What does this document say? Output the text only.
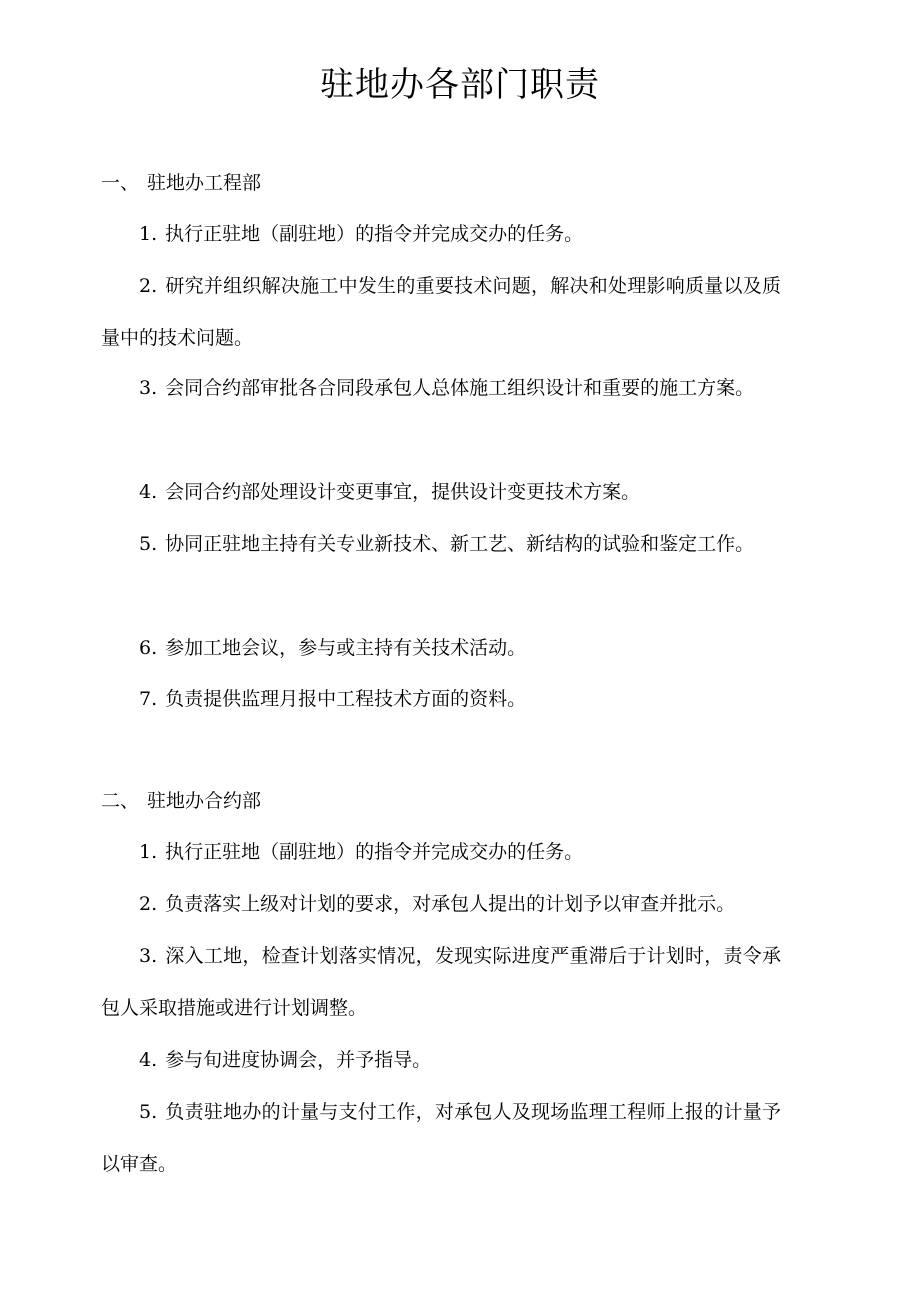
驻地办各部门职责
一、 驻地办工程部
1. 执行正驻地（副驻地）的指令并完成交办的任务。
2. 研究并组织解决施工中发生的重要技术问题，解决和处理影响质量以及质量中的技术问题。
3. 会同合约部审批各合同段承包人总体施工组织设计和重要的施工方案。
4. 会同合约部处理设计变更事宜，提供设计变更技术方案。
5. 协同正驻地主持有关专业新技术、新工艺、新结构的试验和鉴定工作。
6. 参加工地会议，参与或主持有关技术活动。
7. 负责提供监理月报中工程技术方面的资料。
二、 驻地办合约部
1. 执行正驻地（副驻地）的指令并完成交办的任务。
2. 负责落实上级对计划的要求，对承包人提出的计划予以审查并批示。
3. 深入工地，检查计划落实情况，发现实际进度严重滞后于计划时，责令承包人采取措施或进行计划调整。
4. 参与旬进度协调会，并予指导。
5. 负责驻地办的计量与支付工作，对承包人及现场监理工程师上报的计量予以审查。
